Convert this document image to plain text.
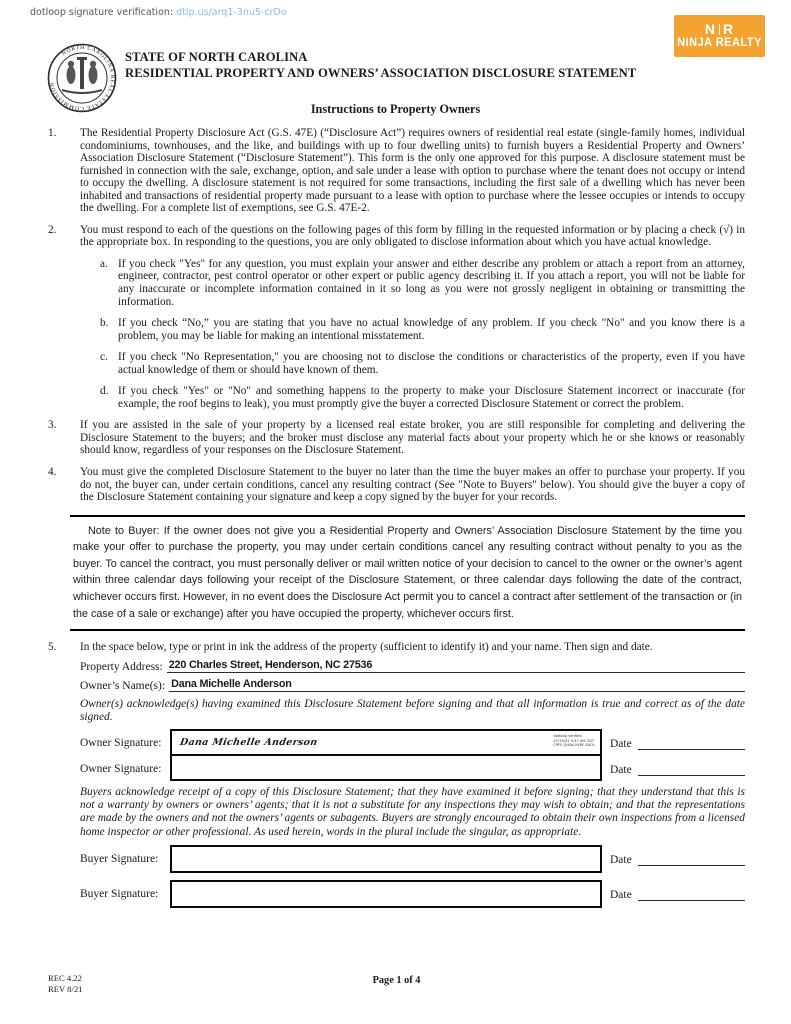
dotloop signature verification: dtlp.us/arq1-3nu5-crDo
N R
NINJA REALTY
NORTH CAROLINA REAL ESTATE COMMISSION
STATE OF NORTH CAROLINA
RESIDENTIAL PROPERTY AND OWNERS’ ASSOCIATION DISCLOSURE STATEMENT
Instructions to Property Owners
1. The Residential Property Disclosure Act (G.S. 47E) (“Disclosure Act”) requires owners of residential real estate (single-family homes, individual condominiums, townhouses, and the like, and buildings with up to four dwelling units) to furnish buyers a Residential Property and Owners’ Association Disclosure Statement (“Disclosure Statement”). This form is the only one approved for this purpose. A disclosure statement must be furnished in connection with the sale, exchange, option, and sale under a lease with option to purchase where the tenant does not occupy or intend to occupy the dwelling. A disclosure statement is not required for some transactions, including the first sale of a dwelling which has never been inhabited and transactions of residential property made pursuant to a lease with option to purchase where the lessee occupies or intends to occupy the dwelling. For a complete list of exemptions, see G.S. 47E-2.
2. You must respond to each of the questions on the following pages of this form by filling in the requested information or by placing a check (√) in the appropriate box. In responding to the questions, you are only obligated to disclose information about which you have actual knowledge.
a. If you check "Yes" for any question, you must explain your answer and either describe any problem or attach a report from an attorney, engineer, contractor, pest control operator or other expert or public agency describing it. If you attach a report, you will not be liable for any inaccurate or incomplete information contained in it so long as you were not grossly negligent in obtaining or transmitting the information.
b. If you check “No,” you are stating that you have no actual knowledge of any problem. If you check "No" and you know there is a problem, you may be liable for making an intentional misstatement.
c. If you check "No Representation," you are choosing not to disclose the conditions or characteristics of the property, even if you have actual knowledge of them or should have known of them.
d. If you check "Yes" or "No" and something happens to the property to make your Disclosure Statement incorrect or inaccurate (for example, the roof begins to leak), you must promptly give the buyer a corrected Disclosure Statement or correct the problem.
3. If you are assisted in the sale of your property by a licensed real estate broker, you are still responsible for completing and delivering the Disclosure Statement to the buyers; and the broker must disclose any material facts about your property which he or she knows or reasonably should know, regardless of your responses on the Disclosure Statement.
4. You must give the completed Disclosure Statement to the buyer no later than the time the buyer makes an offer to purchase your property. If you do not, the buyer can, under certain conditions, cancel any resulting contract (See "Note to Buyers" below). You should give the buyer a copy of the Disclosure Statement containing your signature and keep a copy signed by the buyer for your records.
Note to Buyer: If the owner does not give you a Residential Property and Owners’ Association Disclosure Statement by the time you make your offer to purchase the property, you may under certain conditions cancel any resulting contract without penalty to you as the buyer. To cancel the contract, you must personally deliver or mail written notice of your decision to cancel to the owner or the owner’s agent within three calendar days following your receipt of the Disclosure Statement, or three calendar days following the date of the contract, whichever occurs first. However, in no event does the Disclosure Act permit you to cancel a contract after settlement of the transaction or (in the case of a sale or exchange) after you have occupied the property, whichever occurs first.
5. In the space below, type or print in ink the address of the property (sufficient to identify it) and your name. Then sign and date.
Property Address: 220 Charles Street, Henderson, NC 27536
Owner’s Name(s): Dana Michelle Anderson
Owner(s) acknowledge(s) having examined this Disclosure Statement before signing and that all information is true and correct as of the date signed.
Owner Signature:	Dana Michelle Anderson
dotloop verified
07/14/22 9:37 AM CDT
CPFF-QUAK-UKRF-SXOL Date
Owner Signature:	Date
Buyers acknowledge receipt of a copy of this Disclosure Statement; that they have examined it before signing; that they understand that this is not a warranty by owners or owners’ agents; that it is not a substitute for any inspections they may wish to obtain; and that the representations are made by the owners and not the owners’ agents or subagents. Buyers are strongly encouraged to obtain their own inspections from a licensed home inspector or other professional. As used herein, words in the plural include the singular, as appropriate.
Buyer Signature:	Date
Buyer Signature:	Date
REC 4.22
REV 8/21
Page 1 of 4
